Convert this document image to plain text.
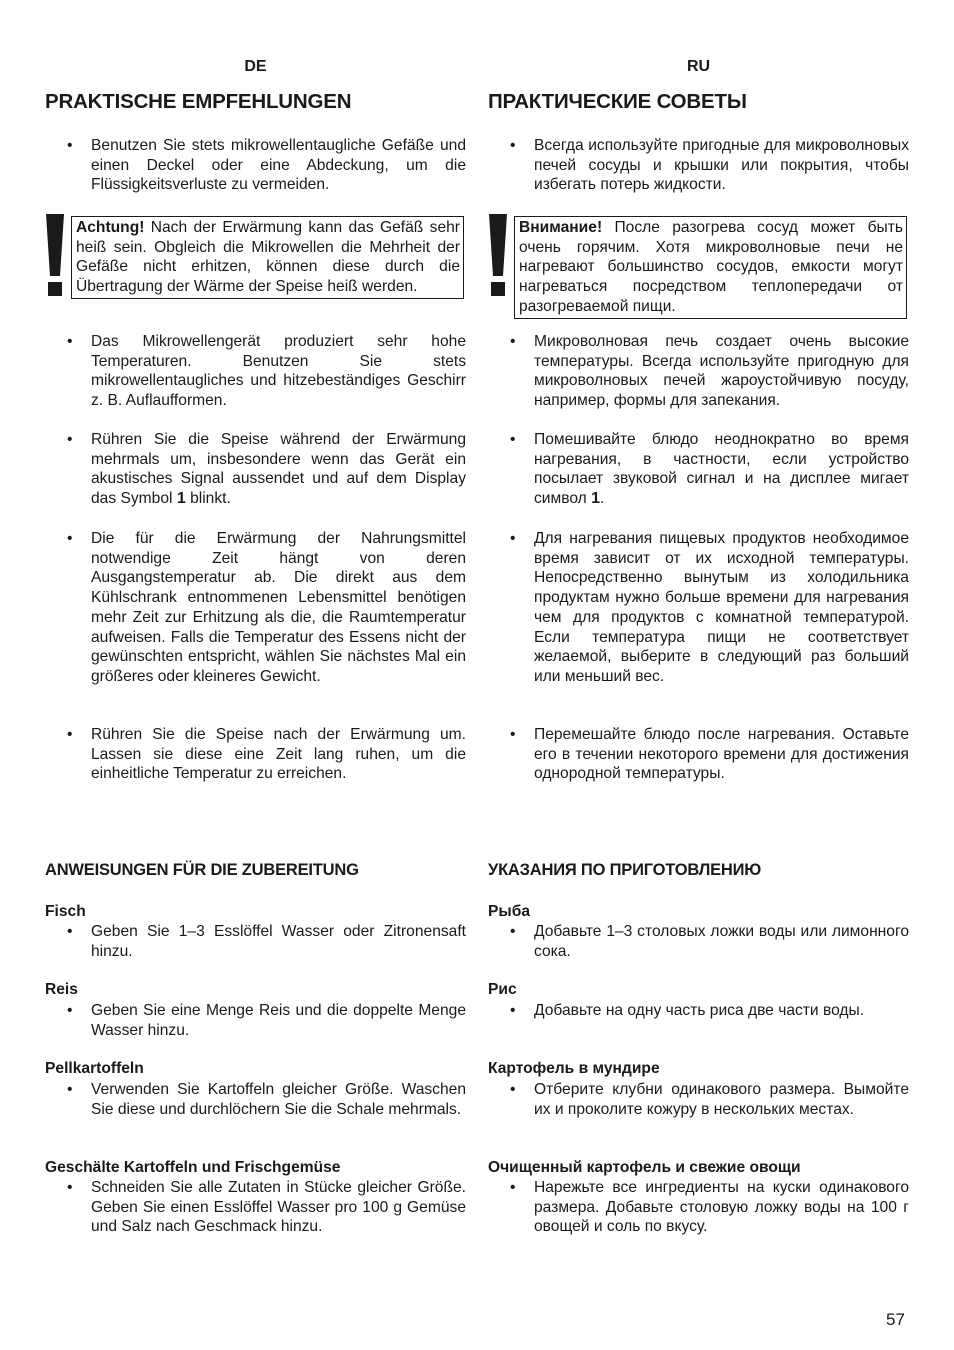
DE
PRAKTISCHE EMPFEHLUNGEN
• Benutzen Sie stets mikrowellentaugliche Gefäße und einen Deckel oder eine Abdeckung, um die Flüssigkeitsverluste zu vermeiden.
Achtung! Nach der Erwärmung kann das Gefäß sehr heiß sein. Obgleich die Mikrowellen die Mehrheit der Gefäße nicht erhitzen, können diese durch die Übertragung der Wärme der Speise heiß werden.
• Das Mikrowellengerät produziert sehr hohe Temperaturen. Benutzen Sie stets mikrowellentaugliches und hitzebeständiges Geschirr z. B. Auflaufformen.
• Rühren Sie die Speise während der Erwärmung mehrmals um, insbesondere wenn das Gerät ein akustisches Signal aussendet und auf dem Display das Symbol 1 blinkt.
• Die für die Erwärmung der Nahrungsmittel notwendige Zeit hängt von deren Ausgangstemperatur ab. Die direkt aus dem Kühlschrank entnommenen Lebensmittel benötigen mehr Zeit zur Erhitzung als die, die Raumtemperatur aufweisen. Falls die Temperatur des Essens nicht der gewünschten entspricht, wählen Sie nächstes Mal ein größeres oder kleineres Gewicht.
• Rühren Sie die Speise nach der Erwärmung um. Lassen sie diese eine Zeit lang ruhen, um die einheitliche Temperatur zu erreichen.
ANWEISUNGEN FÜR DIE ZUBEREITUNG
Fisch
• Geben Sie 1–3 Esslöffel Wasser oder Zitronensaft hinzu.
Reis
• Geben Sie eine Menge Reis und die doppelte Menge Wasser hinzu.
Pellkartoffeln
• Verwenden Sie Kartoffeln gleicher Größe. Waschen Sie diese und durchlöchern Sie die Schale mehrmals.
Geschälte Kartoffeln und Frischgemüse
• Schneiden Sie alle Zutaten in Stücke gleicher Größe. Geben Sie einen Esslöffel Wasser pro 100 g Gemüse und Salz nach Geschmack hinzu.
RU
ПРАКТИЧЕСКИЕ СОВЕТЫ
• Всегда используйте пригодные для микроволновых печей сосуды и крышки или покрытия, чтобы избегать потерь жидкости.
Внимание! После разогрева сосуд может быть очень горячим. Хотя микроволновые печи не нагревают большинство сосудов, емкости могут нагреваться посредством теплопередачи от разогреваемой пищи.
• Микроволновая печь создает очень высокие температуры. Всегда используйте пригодную для микроволновых печей жароустойчивую посуду, например, формы для запекания.
• Помешивайте блюдо неоднократно во время нагревания, в частности, если устройство посылает звуковой сигнал и на дисплее мигает символ 1.
• Для нагревания пищевых продуктов необходимое время зависит от их исходной температуры. Непосредственно вынутым из холодильника продуктам нужно больше времени для нагревания чем для продуктов с комнатной температурой. Если температура пищи не соответствует желаемой, выберите в следующий раз больший или меньший вес.
• Перемешайте блюдо после нагревания. Оставьте его в течении некоторого времени для достижения однородной температуры.
УКАЗАНИЯ ПО ПРИГОТОВЛЕНИЮ
Рыба
• Добавьте 1–3 столовых ложки воды или лимонного сока.
Рис
• Добавьте на одну часть риса две части воды.
Картофель в мундире
• Отберите клубни одинакового размера. Вымойте их и проколите кожуру в нескольких местах.
Очищенный картофель и свежие овощи
• Нарежьте все ингредиенты на куски одинакового размера. Добавьте столовую ложку воды на 100 г овощей и соль по вкусу.
57
